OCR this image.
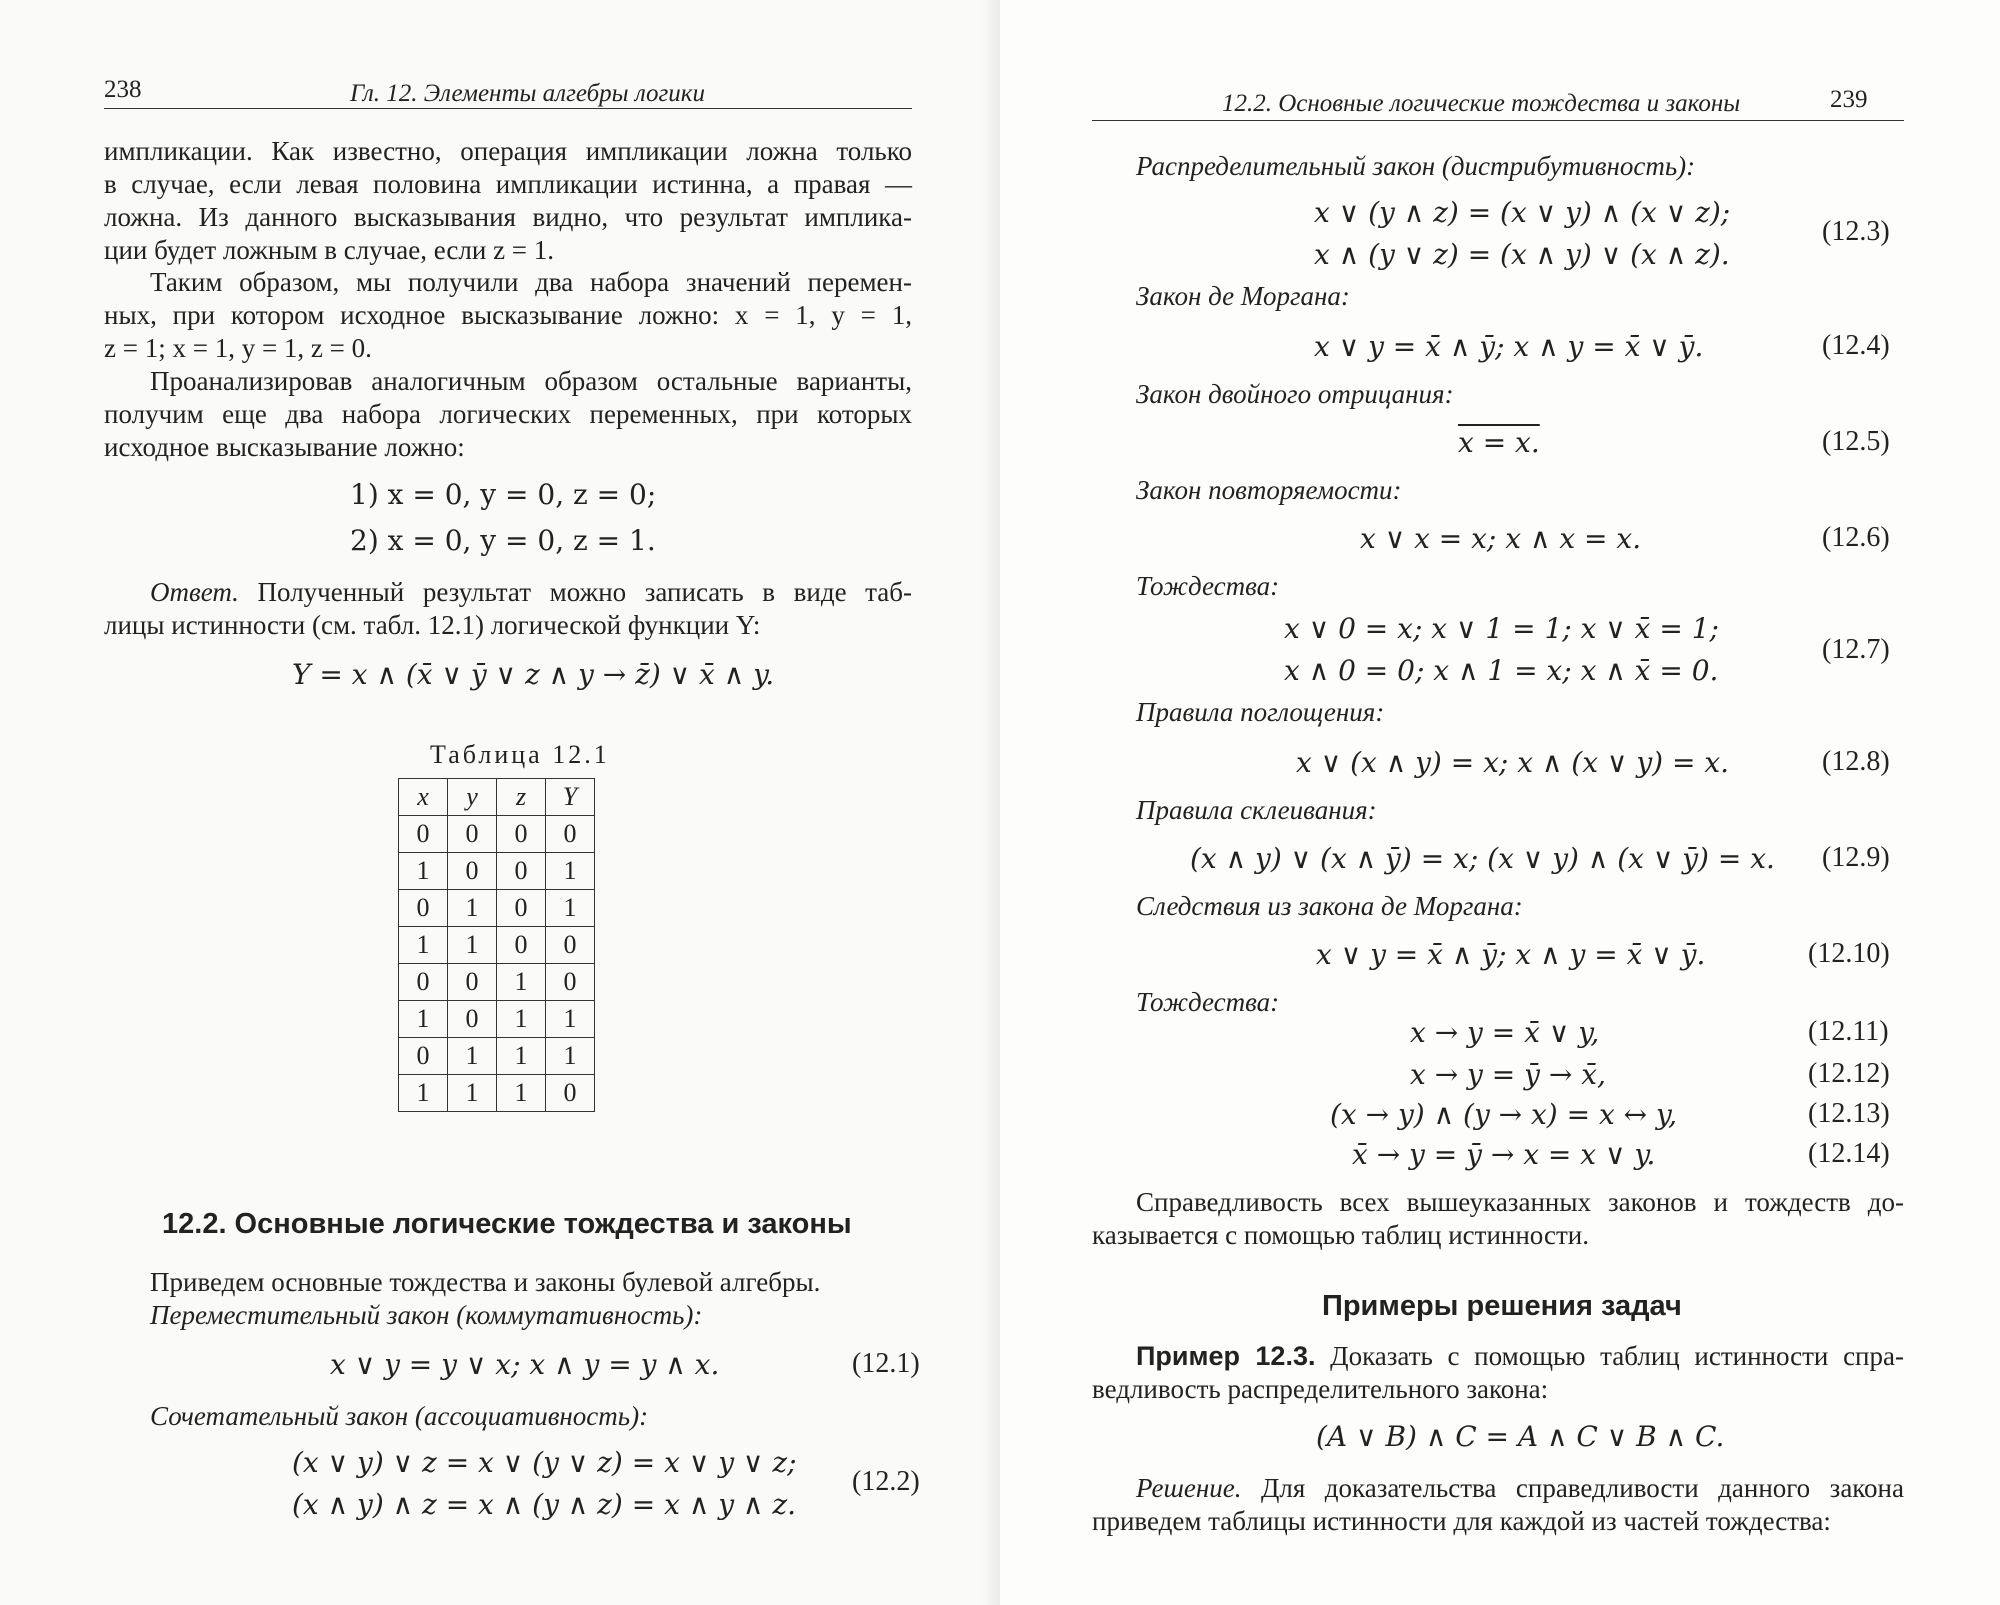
238	Гл. 12. Элементы алгебры логики
импликации. Как известно, операция импликации ложна только
в случае, если левая половина импликации истинна, а правая —
ложна. Из данного высказывания видно, что результат имплика-
ции будет ложным в случае, если z = 1.
Таким образом, мы получили два набора значений перемен-
ных, при котором исходное высказывание ложно: x = 1, y = 1,
z = 1; x = 1, y = 1, z = 0.
Проанализировав аналогичным образом остальные варианты,
получим еще два набора логических переменных, при которых
исходное высказывание ложно:
1) x = 0, y = 0, z = 0;
2) x = 0, y = 0, z = 1.
Ответ. Полученный результат можно записать в виде таб-
лицы истинности (см. табл. 12.1) логической функции Y:
Y = x ∧ (x̄ ∨ ȳ ∨ z ∧ y → z̄) ∨ x̄ ∧ y.
Таблица 12.1
x	y	z	Y
0	0	0	0
1	0	0	1
0	1	0	1
1	1	0	0
0	0	1	0
1	0	1	1
0	1	1	1
1	1	1	0
12.2. Основные логические тождества и законы
Приведем основные тождества и законы булевой алгебры.
Переместительный закон (коммутативность):
x ∨ y = y ∨ x; x ∧ y = y ∧ x.	(12.1)
Сочетательный закон (ассоциативность):
(x ∨ y) ∨ z = x ∨ (y ∨ z) = x ∨ y ∨ z;
(x ∧ y) ∧ z = x ∧ (y ∧ z) = x ∧ y ∧ z.
(12.2)
12.2. Основные логические тождества и законы	239
Распределительный закон (дистрибутивность):
x ∨ (y ∧ z) = (x ∨ y) ∧ (x ∨ z);
x ∧ (y ∨ z) = (x ∧ y) ∨ (x ∧ z).
(12.3)
Закон де Моргана:
x ∨ y = x̄ ∧ ȳ; x ∧ y = x̄ ∨ ȳ.	(12.4)
Закон двойного отрицания:
x = x.	(12.5)
Закон повторяемости:
x ∨ x = x; x ∧ x = x.	(12.6)
Тождества:
x ∨ 0 = x; x ∨ 1 = 1; x ∨ x̄ = 1;
x ∧ 0 = 0; x ∧ 1 = x; x ∧ x̄ = 0.
(12.7)
Правила поглощения:
x ∨ (x ∧ y) = x; x ∧ (x ∨ y) = x.	(12.8)
Правила склеивания:
(x ∧ y) ∨ (x ∧ ȳ) = x; (x ∨ y) ∧ (x ∨ ȳ) = x. (12.9)
Следствия из закона де Моргана:
x ∨ y = x̄ ∧ ȳ; x ∧ y = x̄ ∨ ȳ.	(12.10)
Тождества:
x → y = x̄ ∨ y,	(12.11)
x → y = ȳ → x̄,	(12.12)
(x → y) ∧ (y → x) = x ↔ y,	(12.13)
x̄ → y = ȳ → x = x ∨ y.	(12.14)
Справедливость всех вышеуказанных законов и тождеств до-
казывается с помощью таблиц истинности.
Примеры решения задач
Пример 12.3. Доказать с помощью таблиц истинности спра-
ведливость распределительного закона:
(A ∨ B) ∧ C = A ∧ C ∨ B ∧ C.
Решение. Для доказательства справедливости данного закона
приведем таблицы истинности для каждой из частей тождества:
